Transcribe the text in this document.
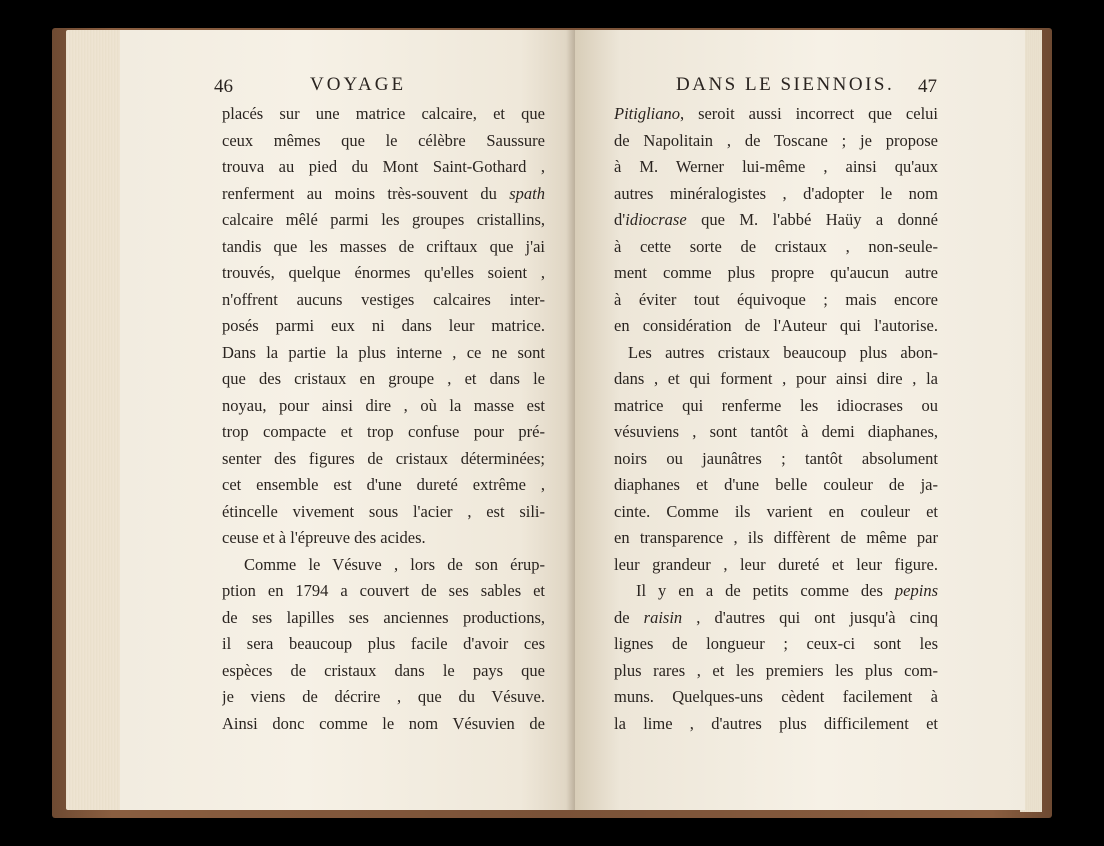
46	VOYAGE
placés sur une matrice calcaire, et que
ceux mêmes que le célèbre Saussure
trouva au pied du Mont Saint-Gothard ,
renferment au moins très-souvent du spath
calcaire mêlé parmi les groupes cristallins,
tandis que les masses de criftaux que j'ai
trouvés, quelque énormes qu'elles soient ,
n'offrent aucuns vestiges calcaires inter-
posés parmi eux ni dans leur matrice.
Dans la partie la plus interne , ce ne sont
que des cristaux en groupe , et dans le
noyau, pour ainsi dire , où la masse est
trop compacte et trop confuse pour pré-
senter des figures de cristaux déterminées;
cet ensemble est d'une dureté extrême ,
étincelle vivement sous l'acier , est sili-
ceuse et à l'épreuve des acides.
Comme le Vésuve , lors de son érup-
ption en 1794 a couvert de ses sables et
de ses lapilles ses anciennes productions,
il sera beaucoup plus facile d'avoir ces
espèces de cristaux dans le pays que
je viens de décrire , que du Vésuve.
Ainsi donc comme le nom Vésuvien de
DANS LE SIENNOIS. 47
Pitigliano, seroit aussi incorrect que celui
de Napolitain , de Toscane ; je propose
à M. Werner lui-même , ainsi qu'aux
autres minéralogistes , d'adopter le nom
d'idiocrase que M. l'abbé Haüy a donné
à cette sorte de cristaux , non-seule-
ment comme plus propre qu'aucun autre
à éviter tout équivoque ; mais encore
en considération de l'Auteur qui l'autorise.
Les autres cristaux beaucoup plus abon-
dans , et qui forment , pour ainsi dire , la
matrice qui renferme les idiocrases ou
vésuviens , sont tantôt à demi diaphanes,
noirs ou jaunâtres ; tantôt absolument
diaphanes et d'une belle couleur de ja-
cinte. Comme ils varient en couleur et
en transparence , ils diffèrent de même par
leur grandeur , leur dureté et leur figure.
Il y en a de petits comme des pepins
de raisin , d'autres qui ont jusqu'à cinq
lignes de longueur ; ceux-ci sont les
plus rares , et les premiers les plus com-
muns. Quelques-uns cèdent facilement à
la lime , d'autres plus difficilement et
